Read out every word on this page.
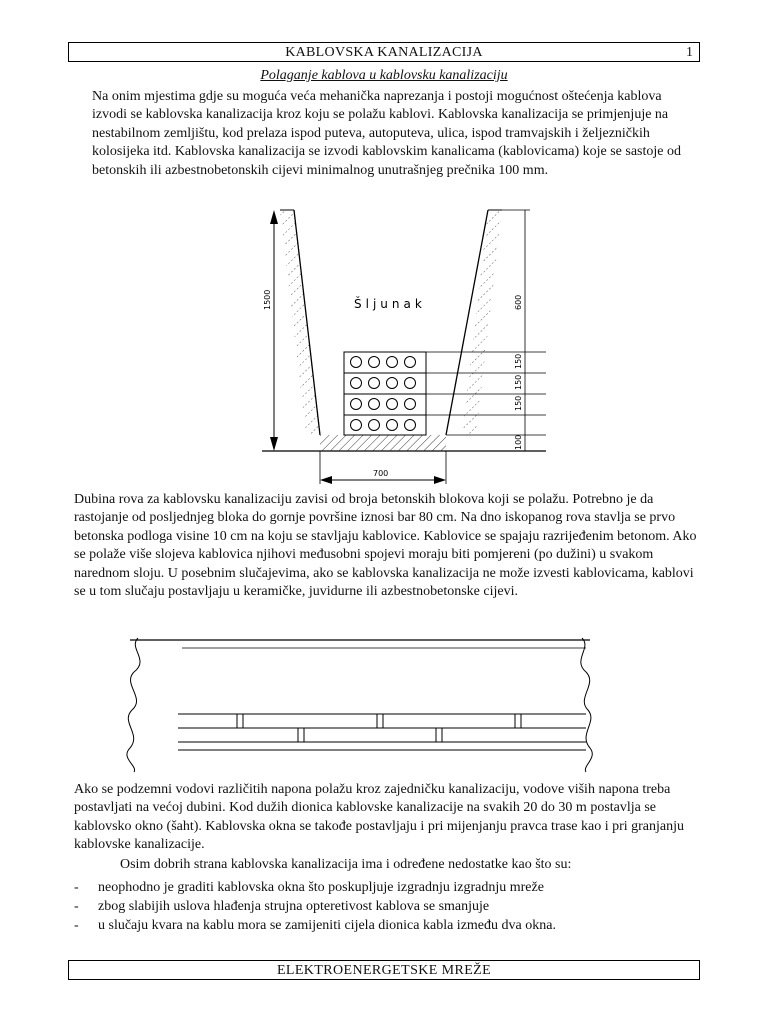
KABLOVSKA KANALIZACIJA	1
Polaganje kablova u kablovsku kanalizaciju

Na onim mjestima gdje su moguća veća mehanička naprezanja i postoji mogućnost oštećenja kablova izvodi se kablovska kanalizacija kroz koju se polažu kablovi. Kablovska kanalizacija se primjenjuje na nestabilnom zemljištu, kod prelaza ispod puteva, autoputeva, ulica, ispod tramvajskih i željezničkih kolosijeka itd. Kablovska kanalizacija se izvodi kablovskim kanalicama (kablovicama) koje se sastoje od betonskih ili azbestnobetonskih cijevi minimalnog unutrašnjeg prečnika 100 mm.

Šljunak
1500	600
150
150
150
100
700

Dubina rova za kablovsku kanalizaciju zavisi od broja betonskih blokova koji se polažu. Potrebno je da rastojanje od posljednjeg bloka do gornje površine iznosi bar 80 cm. Na dno iskopanog rova stavlja se prvo betonska podloga visine 10 cm na koju se stavljaju kablovice. Kablovice se spajaju razrijeđenim betonom. Ako se polaže više slojeva kablovica njihovi međusobni spojevi moraju biti pomjereni (po dužini) u svakom narednom sloju. U posebnim slučajevima, ako se kablovska kanalizacija ne može izvesti kablovicama, kablovi se u tom slučaju postavljaju u keramičke, juvidurne ili azbestnobetonske cijevi.

Ako se podzemni vodovi različitih napona polažu kroz zajedničku kanalizaciju, vodove viših napona treba postavljati na većoj dubini. Kod dužih dionica kablovske kanalizacije na svakih 20 do 30 m postavlja se kablovsko okno (šaht). Kablovska okna se takođe postavljaju i pri mijenjanju pravca trase kao i pri granjanju kablovske kanalizacije.

Osim dobrih strana kablovska kanalizacija ima i određene nedostatke kao što su:

- neophodno je graditi kablovska okna što poskupljuje izgradnju izgradnju mreže
- zbog slabijih uslova hlađenja strujna opteretivost kablova se smanjuje
- u slučaju kvara na kablu mora se zamijeniti cijela dionica kabla između dva okna.
ELEKTROENERGETSKE MREŽE
